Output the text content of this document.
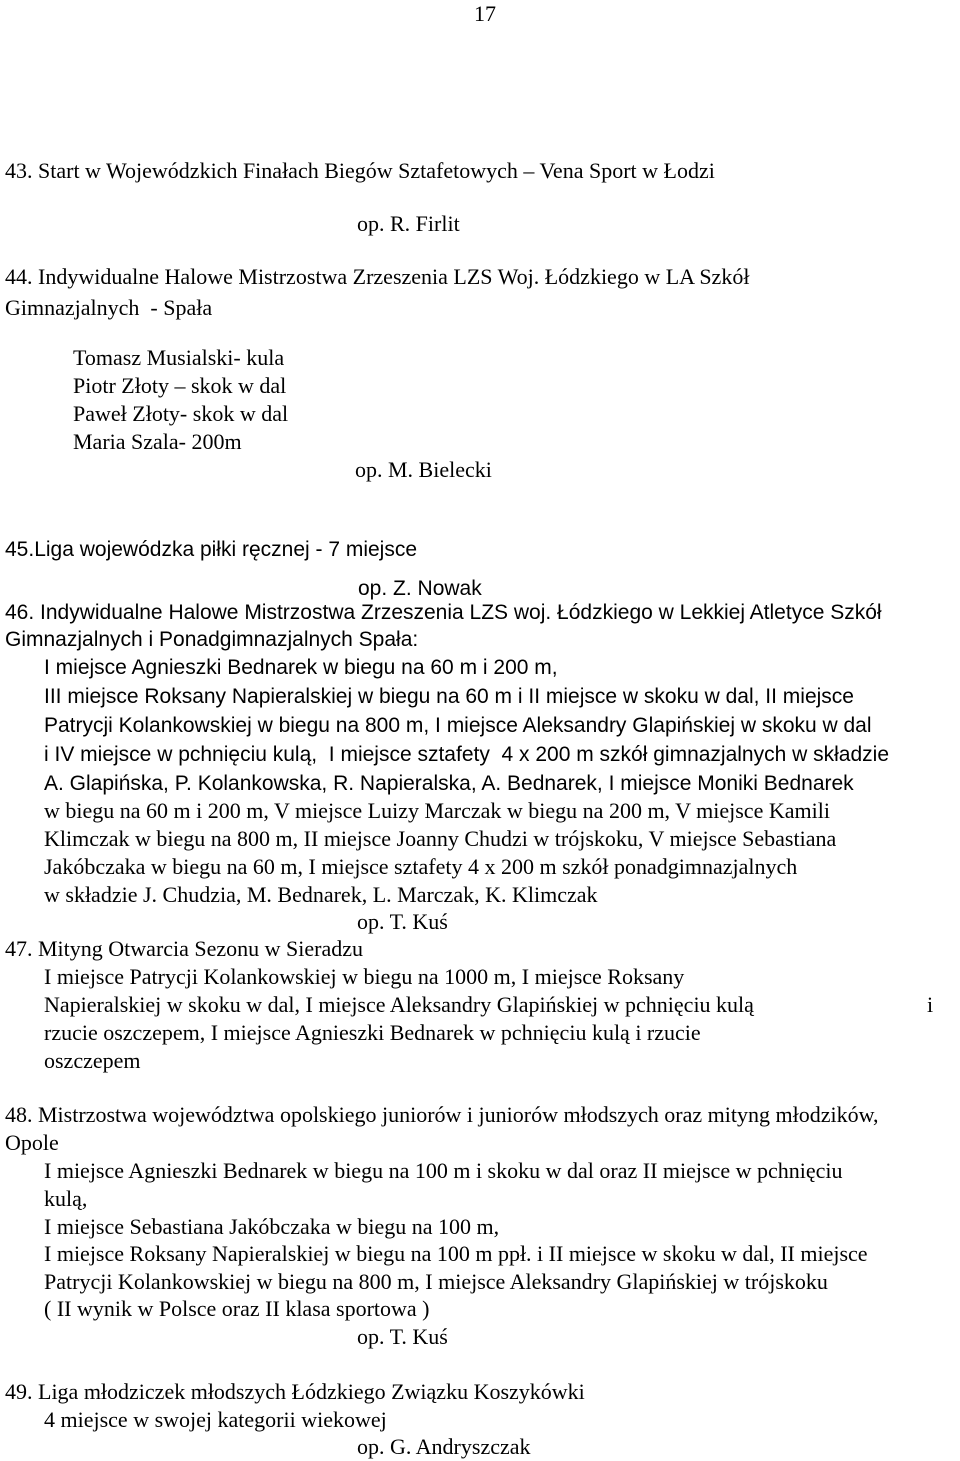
17
43. Start w Wojewódzkich Finałach Biegów Sztafetowych – Vena Sport w Łodzi
op. R. Firlit
44. Indywidualne Halowe Mistrzostwa Zrzeszenia LZS Woj. Łódzkiego w LA Szkół
Gimnazjalnych  - Spała
Tomasz Musialski- kula
Piotr Złoty – skok w dal
Paweł Złoty- skok w dal
Maria Szala- 200m
op. M. Bielecki
45.Liga wojewódzka piłki ręcznej - 7 miejsce
op. Z. Nowak
46. Indywidualne Halowe Mistrzostwa Zrzeszenia LZS woj. Łódzkiego w Lekkiej Atletyce Szkół
Gimnazjalnych i Ponadgimnazjalnych Spała:
I miejsce Agnieszki Bednarek w biegu na 60 m i 200 m,
III miejsce Roksany Napieralskiej w biegu na 60 m i II miejsce w skoku w dal, II miejsce
Patrycji Kolankowskiej w biegu na 800 m, I miejsce Aleksandry Glapińskiej w skoku w dal
i IV miejsce w pchnięciu kulą,  I miejsce sztafety  4 x 200 m szkół gimnazjalnych w składzie
A. Glapińska, P. Kolankowska, R. Napieralska, A. Bednarek, I miejsce Moniki Bednarek
w biegu na 60 m i 200 m, V miejsce Luizy Marczak w biegu na 200 m, V miejsce Kamili
Klimczak w biegu na 800 m, II miejsce Joanny Chudzi w trójskoku, V miejsce Sebastiana
Jakóbczaka w biegu na 60 m, I miejsce sztafety 4 x 200 m szkół ponadgimnazjalnych
w składzie J. Chudzia, M. Bednarek, L. Marczak, K. Klimczak
op. T. Kuś
47. Mityng Otwarcia Sezonu w Sieradzu
I miejsce Patrycji Kolankowskiej w biegu na 1000 m, I miejsce Roksany
Napieralskiej w skoku w dal, I miejsce Aleksandry Glapińskiej w pchnięciu kulą	i
rzucie oszczepem, I miejsce Agnieszki Bednarek w pchnięciu kulą i rzucie
oszczepem
48. Mistrzostwa województwa opolskiego juniorów i juniorów młodszych oraz mityng młodzików,
Opole
I miejsce Agnieszki Bednarek w biegu na 100 m i skoku w dal oraz II miejsce w pchnięciu
kulą,
I miejsce Sebastiana Jakóbczaka w biegu na 100 m,
I miejsce Roksany Napieralskiej w biegu na 100 m ppł. i II miejsce w skoku w dal, II miejsce
Patrycji Kolankowskiej w biegu na 800 m, I miejsce Aleksandry Glapińskiej w trójskoku
( II wynik w Polsce oraz II klasa sportowa )
op. T. Kuś
49. Liga młodziczek młodszych Łódzkiego Związku Koszykówki
4 miejsce w swojej kategorii wiekowej
op. G. Andryszczak
